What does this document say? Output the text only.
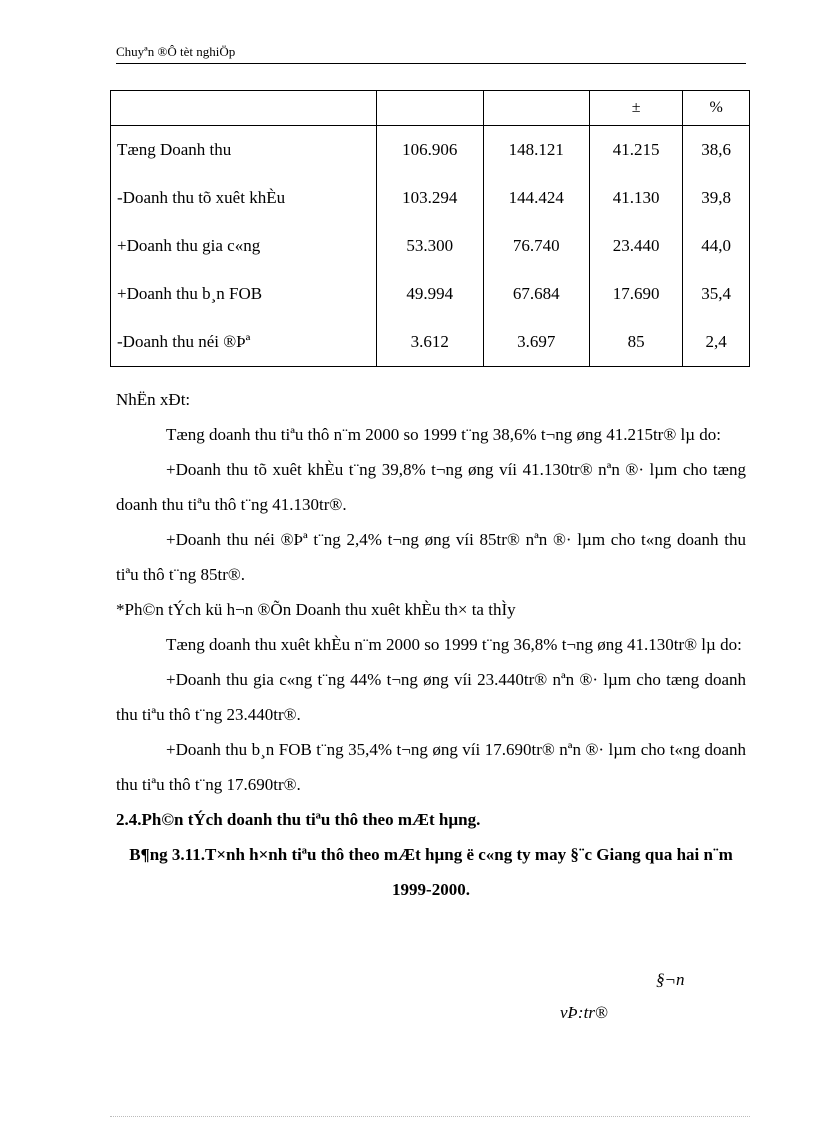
Chuyªn ®Ô tèt nghiÖp
			±	%
Tæng Doanh thu	106.906	148.121	41.215	38,6
-Doanh thu tõ xuêt khÈu	103.294	144.424	41.130	39,8
+Doanh thu gia c«ng	53.300	76.740	23.440	44,0
+Doanh thu b¸n FOB	49.994	67.684	17.690	35,4
-Doanh thu néi ®Þª	3.612	3.697	85	2,4

NhËn xÐt:

Tæng doanh thu tiªu thô n¨m 2000 so 1999 t¨ng 38,6% t¬ng øng 41.215tr® lµ do:

+Doanh thu tõ xuêt khÈu t¨ng 39,8% t¬ng øng víi 41.130tr® nªn ®· lµm cho tæng doanh thu tiªu thô t¨ng 41.130tr®.

+Doanh thu néi ®Þª t¨ng 2,4% t¬ng øng víi 85tr® nªn ®· lµm cho t«ng doanh thu tiªu thô t¨ng 85tr®.

*Ph©n tÝch kü h¬n ®Õn Doanh thu xuêt khÈu th× ta thÌy

Tæng doanh thu xuêt khÈu n¨m 2000 so 1999 t¨ng 36,8% t¬ng øng 41.130tr® lµ do:

+Doanh thu gia c«ng t¨ng 44% t¬ng øng víi 23.440tr® nªn ®· lµm cho tæng doanh thu tiªu thô t¨ng 23.440tr®.

+Doanh thu b¸n FOB t¨ng 35,4% t¬ng øng víi 17.690tr® nªn ®· lµm cho t«ng doanh thu tiªu thô t¨ng 17.690tr®.

2.4.Ph©n tÝch doanh thu tiªu thô theo mÆt hµng.

B¶ng 3.11.T×nh h×nh tiªu thô theo mÆt hµng ë c«ng ty may §¨c Giang qua hai n¨m 1999-2000.

§¬n
vÞ:tr®
